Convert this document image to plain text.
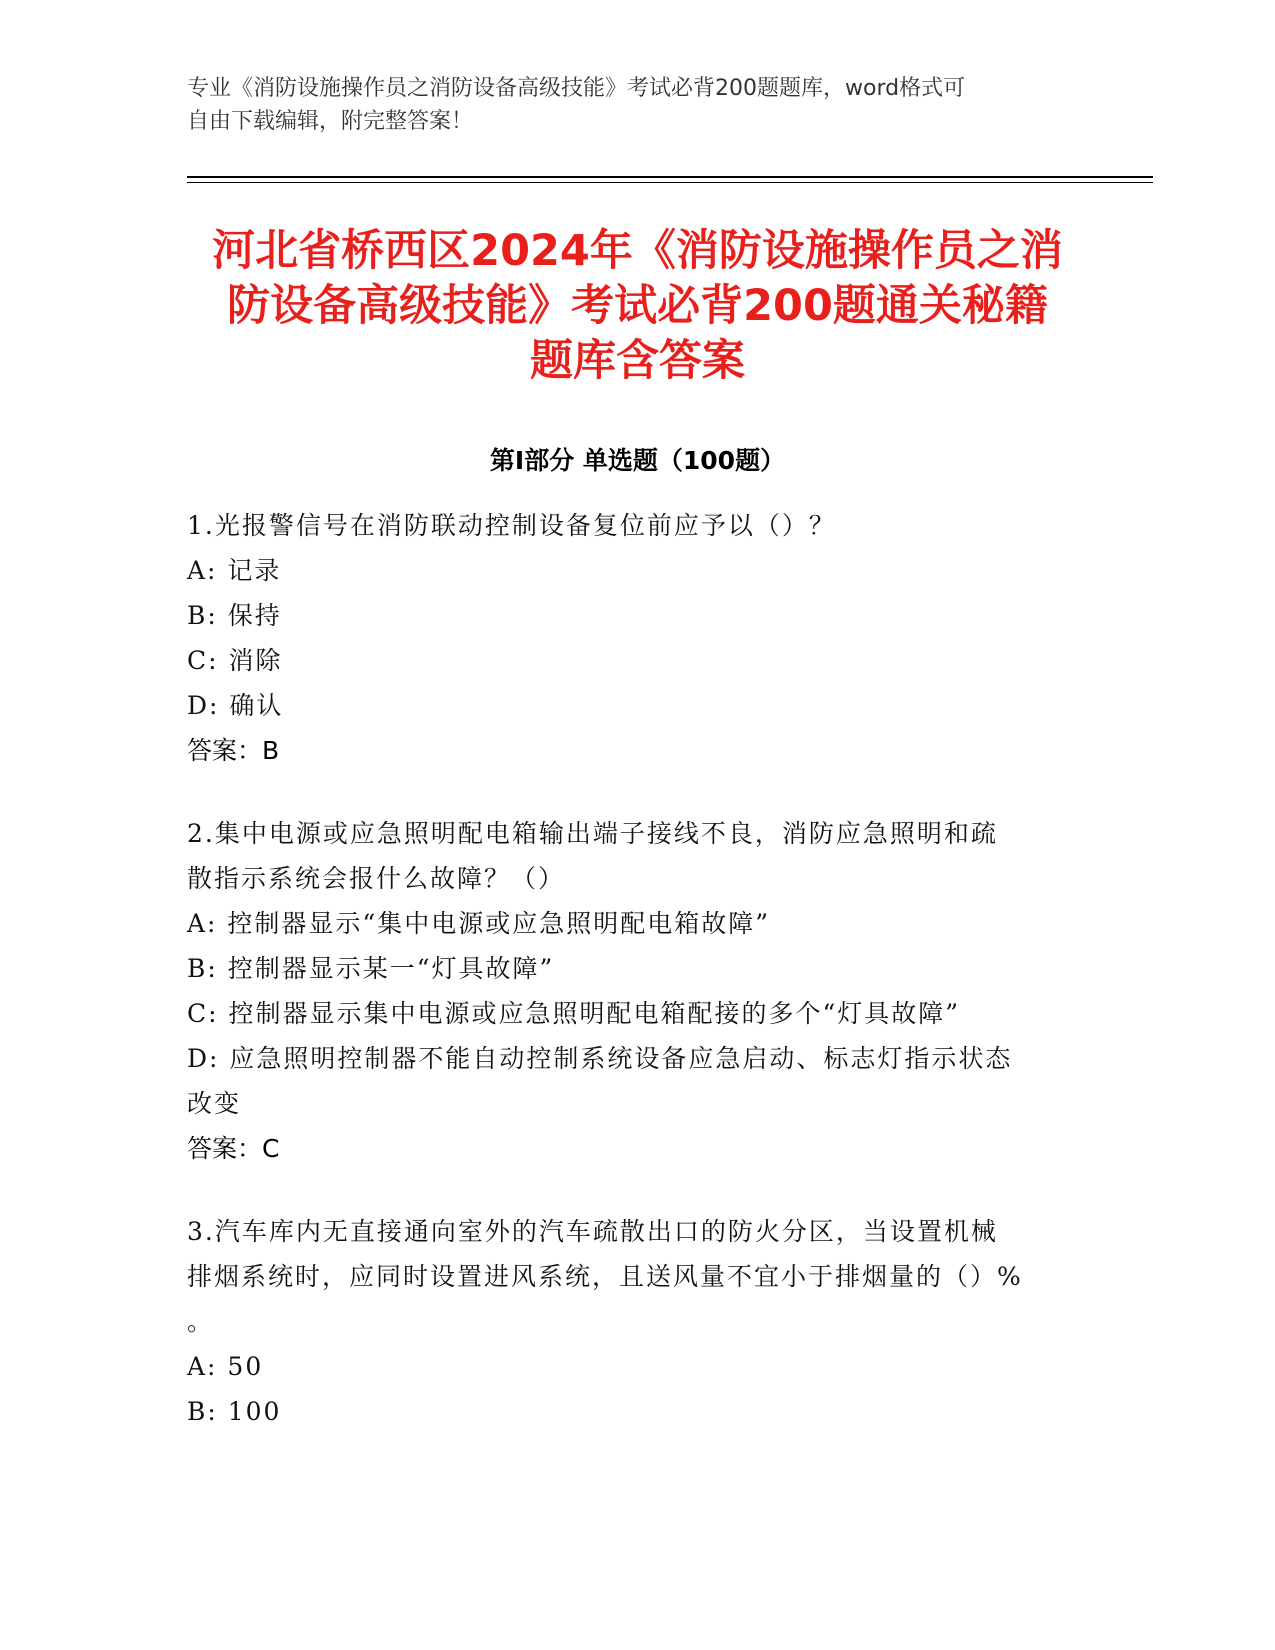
专业《消防设施操作员之消防设备高级技能》考试必背200题题库，word格式可
自由下载编辑，附完整答案！
河北省桥西区2024年《消防设施操作员之消
防设备高级技能》考试必背200题通关秘籍
题库含答案
第I部分 单选题（100题）

1.光报警信号在消防联动控制设备复位前应予以（）？

A: 记录

B: 保持

C: 消除

D: 确认

答案：B

2.集中电源或应急照明配电箱输出端子接线不良，消防应急照明和疏

散指示系统会报什么故障？（）

A: 控制器显示“集中电源或应急照明配电箱故障”

B: 控制器显示某一“灯具故障”

C: 控制器显示集中电源或应急照明配电箱配接的多个“灯具故障”

D: 应急照明控制器不能自动控制系统设备应急启动、标志灯指示状态

改变

答案：C

3.汽车库内无直接通向室外的汽车疏散出口的防火分区，当设置机械

排烟系统时，应同时设置进风系统，且送风量不宜小于排烟量的（）%

。

A: 50

B: 100
